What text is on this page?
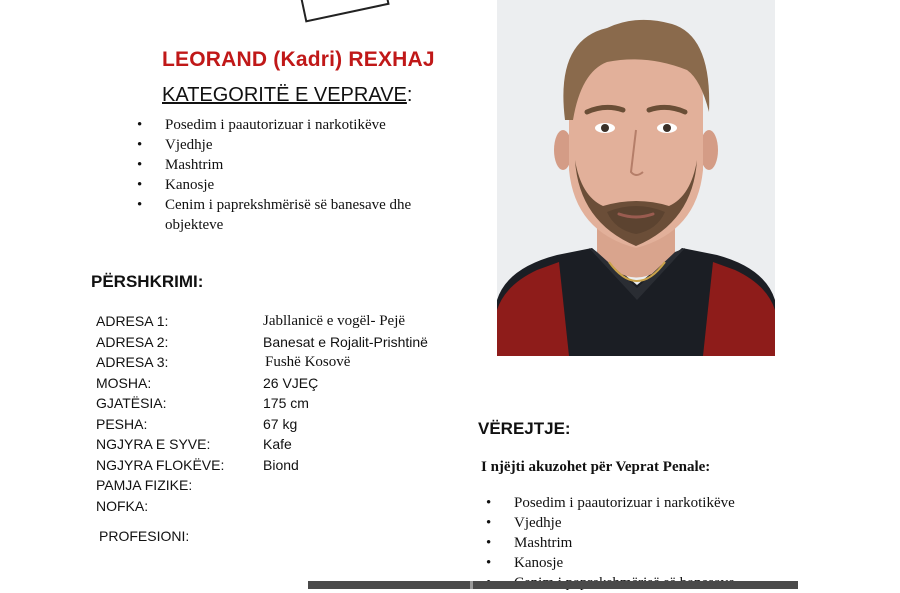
LEORAND (Kadri) REXHAJ
KATEGORITË E VEPRAVE:
• Posedim i paautorizuar i narkotikëve
• Vjedhje
• Mashtrim
• Kanosje
• Cenim i paprekshmërisë së banesave dhe objekteve
PËRSHKRIMI:
ADRESA 1:	Jabllanicë e vogël- Pejë
ADRESA 2:	Banesat e Rojalit-Prishtinë
ADRESA 3:	Fushë Kosovë
MOSHA:	26 VJEÇ
GJATËSIA:	175 cm
PESHA:	67 kg
NGJYRA E SYVE:	Kafe
NGJYRA FLOKËVE:	Biond
PAMJA FIZIKE:	
NOFKA:	
PROFESIONI:
VËREJTJE:
I njëjti akuzohet për Veprat Penale:
• Posedim i paautorizuar i narkotikëve
• Vjedhje
• Mashtrim
• Kanosje
•
